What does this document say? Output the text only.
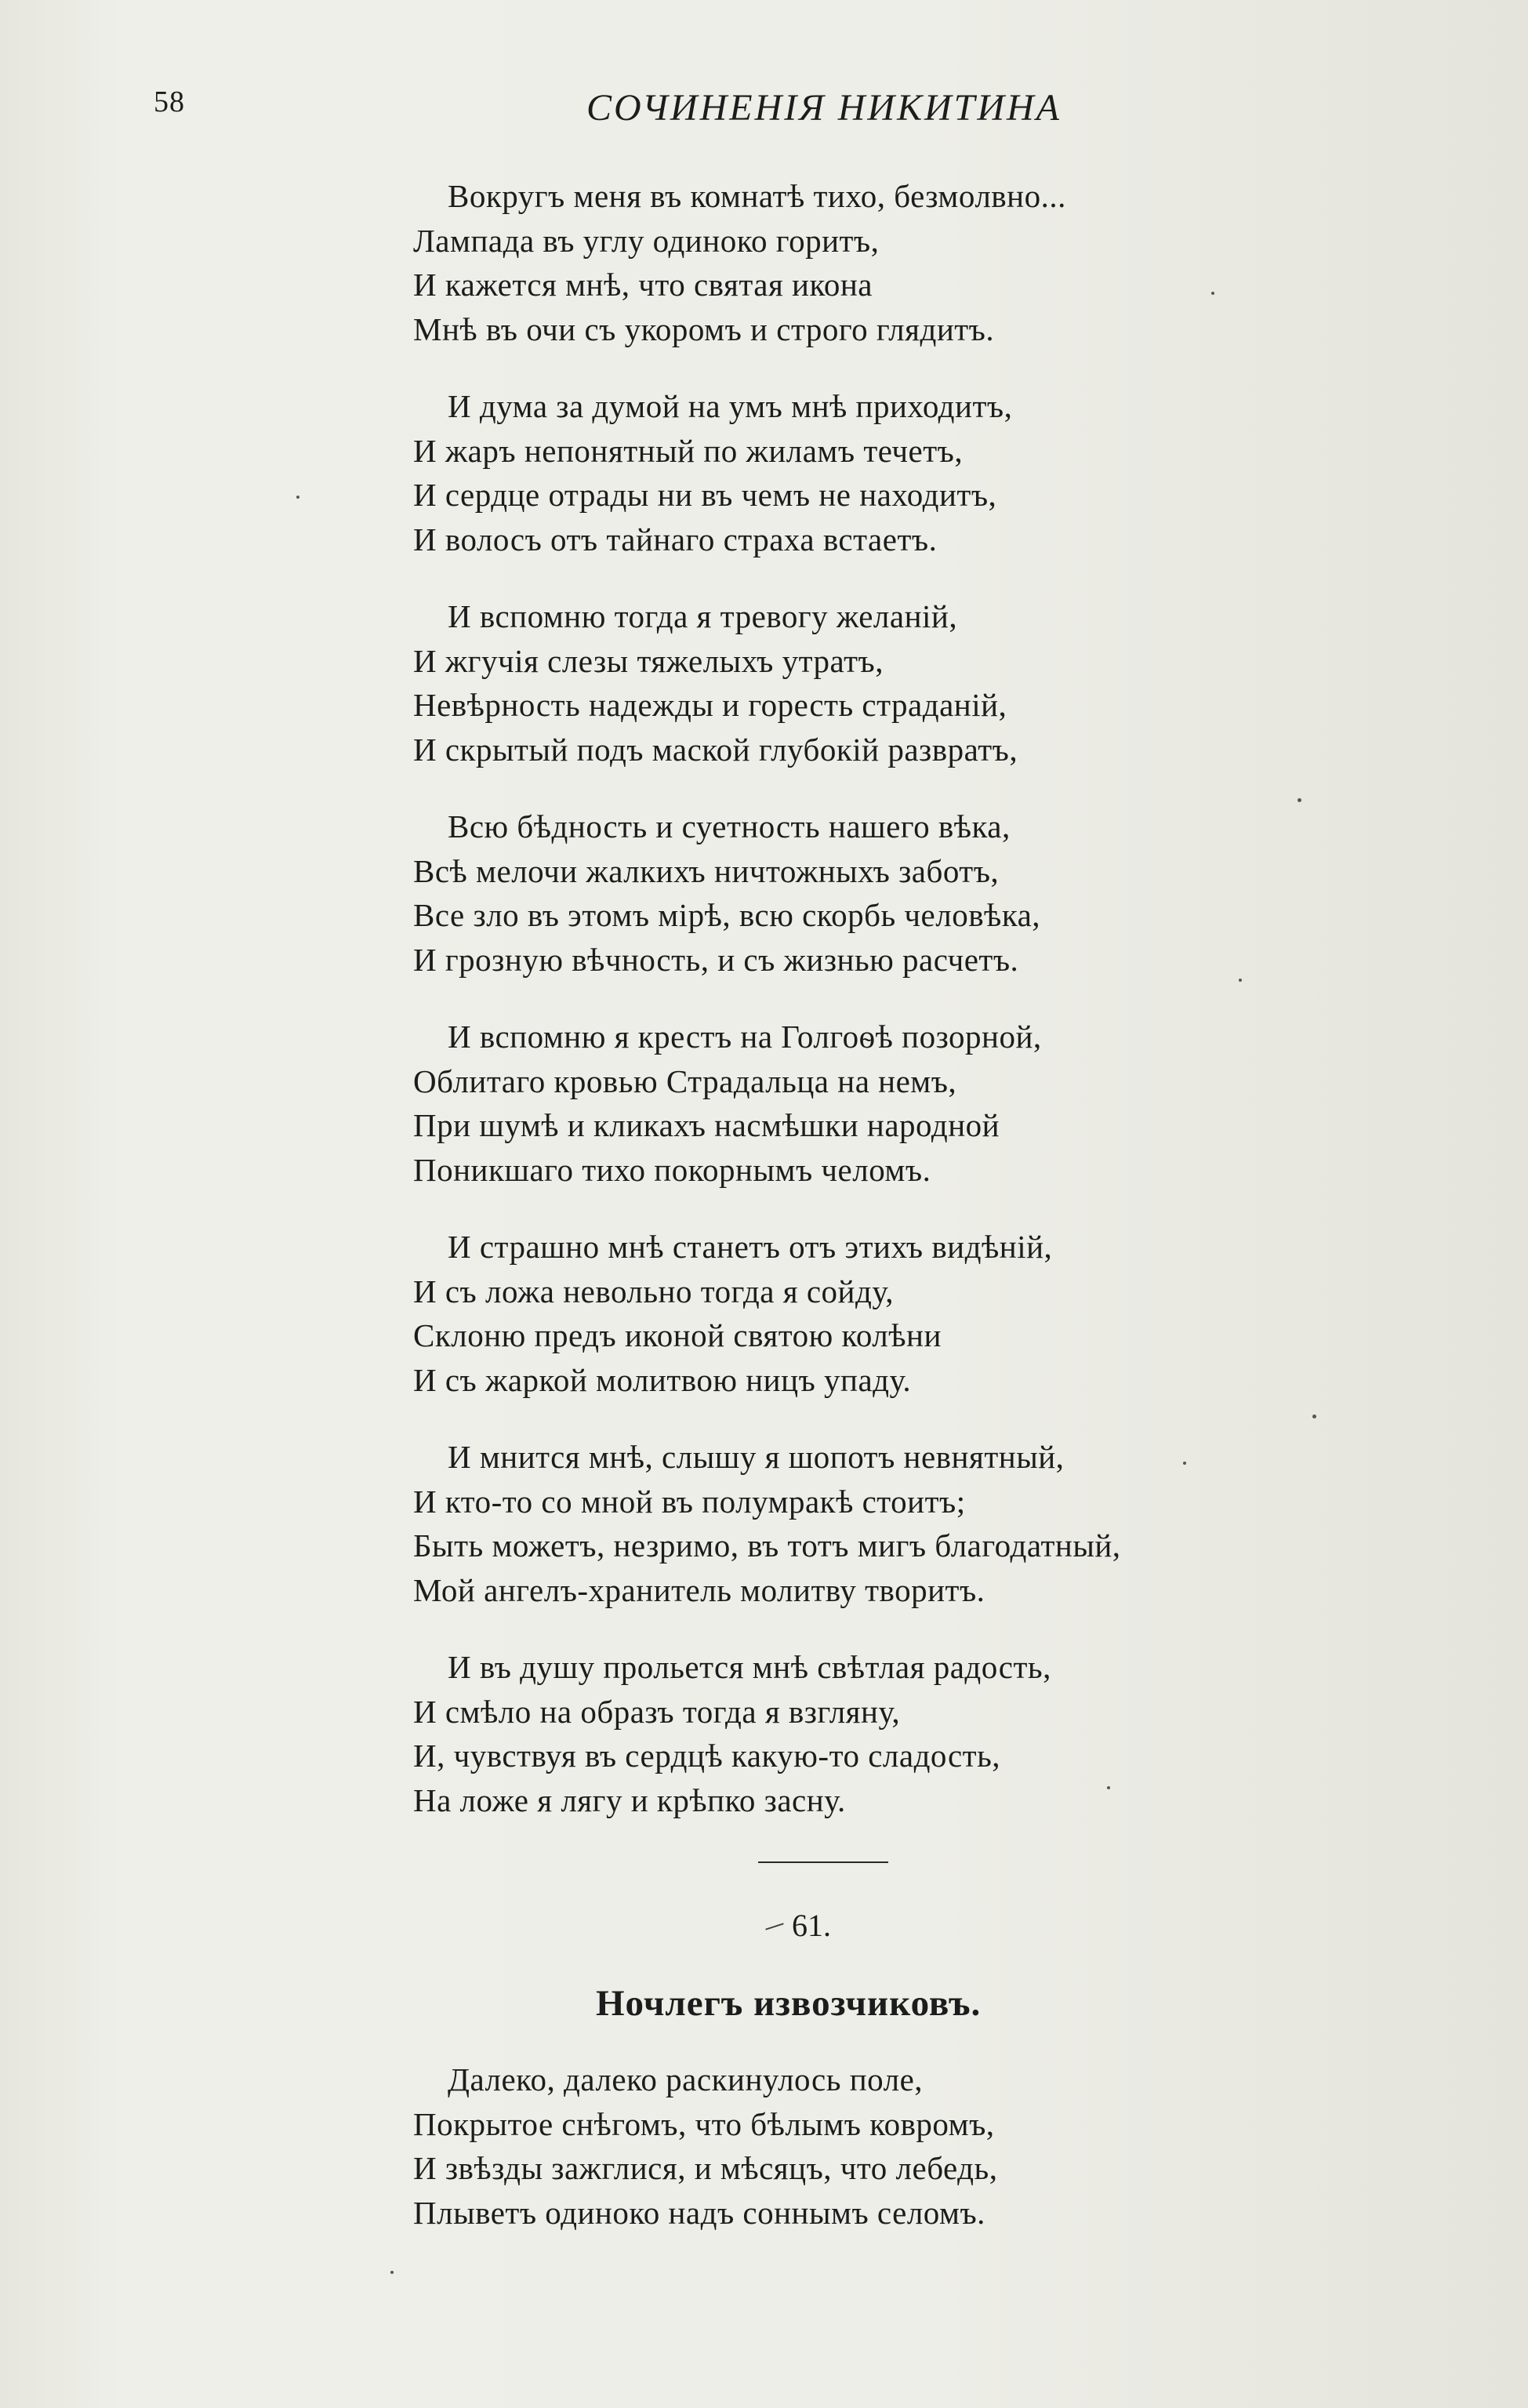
58	СОЧИНЕНІЯ НИКИТИНА
Вокругъ меня въ комнатѣ тихо, безмолвно...
Лампада въ углу одиноко горитъ,
И кажется мнѣ, что святая икона
Мнѣ въ очи съ укоромъ и строго глядитъ.
И дума за думой на умъ мнѣ приходитъ,
И жаръ непонятный по жиламъ течетъ,
И сердце отрады ни въ чемъ не находитъ,
И волосъ отъ тайнаго страха встаетъ.
И вспомню тогда я тревогу желаній,
И жгучія слезы тяжелыхъ утратъ,
Невѣрность надежды и горесть страданій,
И скрытый подъ маской глубокій развратъ,
Всю бѣдность и суетность нашего вѣка,
Всѣ мелочи жалкихъ ничтожныхъ заботъ,
Все зло въ этомъ мірѣ, всю скорбь человѣка,
И грозную вѣчность, и съ жизнью расчетъ.
И вспомню я крестъ на Голгоѳѣ позорной,
Облитаго кровью Страдальца на немъ,
При шумѣ и кликахъ насмѣшки народной
Поникшаго тихо покорнымъ челомъ.
И страшно мнѣ станетъ отъ этихъ видѣній,
И съ ложа невольно тогда я сойду,
Склоню предъ иконой святою колѣни
И съ жаркой молитвою ницъ упаду.
И мнится мнѣ, слышу я шопотъ невнятный,
И кто-то со мной въ полумракѣ стоитъ;
Быть можетъ, незримо, въ тотъ мигъ благодатный,
Мой ангелъ-хранитель молитву творитъ.
И въ душу прольется мнѣ свѣтлая радость,
И смѣло на образъ тогда я взгляну,
И, чувствуя въ сердцѣ какую-то сладость,
На ложе я лягу и крѣпко засну.
61.
Ночлегъ извозчиковъ.
Далеко, далеко раскинулось поле,
Покрытое снѣгомъ, что бѣлымъ ковромъ,
И звѣзды зажглися, и мѣсяцъ, что лебедь,
Плыветъ одиноко надъ соннымъ селомъ.
